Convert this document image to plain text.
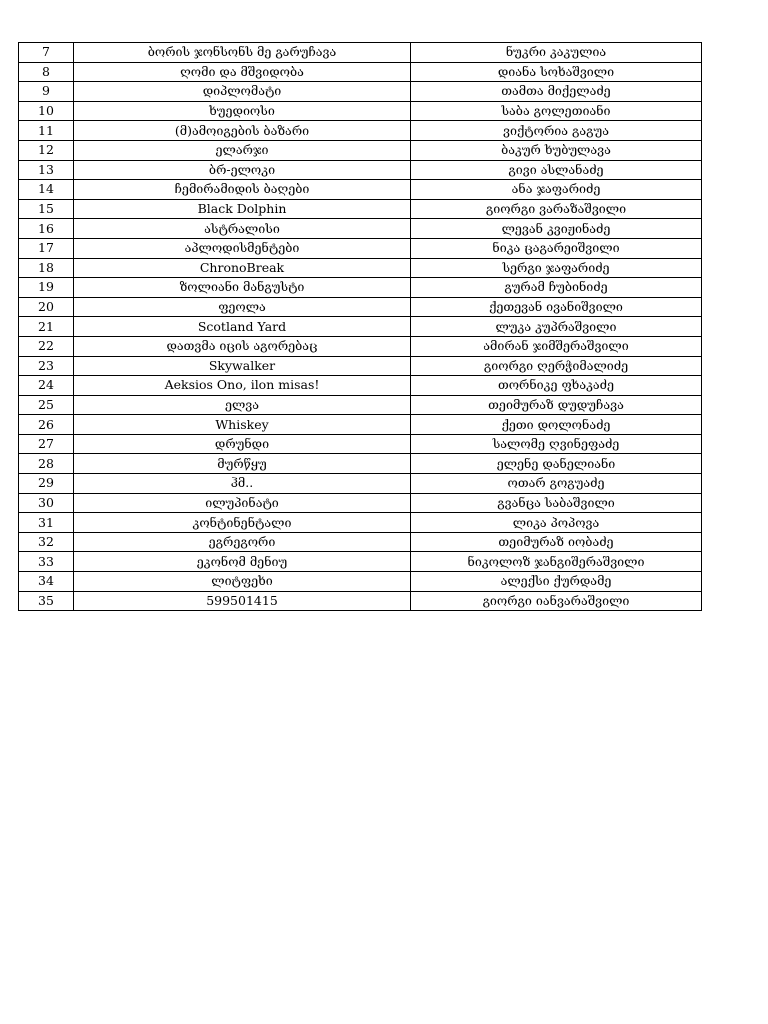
7	ბორის ჯონსონს მე გარუჩავა	ნუკრი კაკულია
8	ღომი და მშვიდობა	დიანა სოხაშვილი
9	დიპლომატი	თამთა მიქელაძე
10	ხუედიოსი	საბა გოლეთიანი
11	(მ)ამოიგების ბაზარი	ვიქტორია გაგუა
12	ელარჯი	ბაკურ ხუბულავა
13	ბრ-ელოკი	გივი ასლანაძე
14	ჩემირამიდის ბაღები	ანა ჯაფარიძე
15	Black Dolphin	გიორგი ვარაზაშვილი
16	ასტრალისი	ლევან კვიჟინაძე
17	აპლოდისმენტები	ნიკა ცაგარეიშვილი
18	ChronoBreak	სერგი ჯაფარიძე
19	ზოლიანი მანგუსტი	გურამ ჩუბინიძე
20	ფეოლა	ქეთევან ივანიშვილი
21	Scotland Yard	ლუკა კუპრაშვილი
22	დათვმა იცის აგორებაც	ამირან ჯიმშერაშვილი
23	Skywalker	გიორგი ღერჭიმალიძე
24	Aeksios Ono, ilon misas!	თორნიკე ფხაკაძე
25	ელვა	თეიმურაზ დუდუჩავა
26	Whiskey	ქეთი დოლონაძე
27	დრუნდი	სალომე ღვინეფაძე
28	მურწყუ	ელენე დანელიანი
29	ჰმ..	ოთარ გოგუაძე
30	ილუპინატი	გვანცა საბაშვილი
31	კონტინენტალი	ლიკა პოპოვა
32	ეგრეგორი	თეიმურაზ იობაძე
33	ეკონომ მენიუ	ნიკოლოზ ჯანგიშერაშვილი
34	ლიტფეხი	ალექსი ქურდამე
35	599501415	გიორგი იანვარაშვილი
